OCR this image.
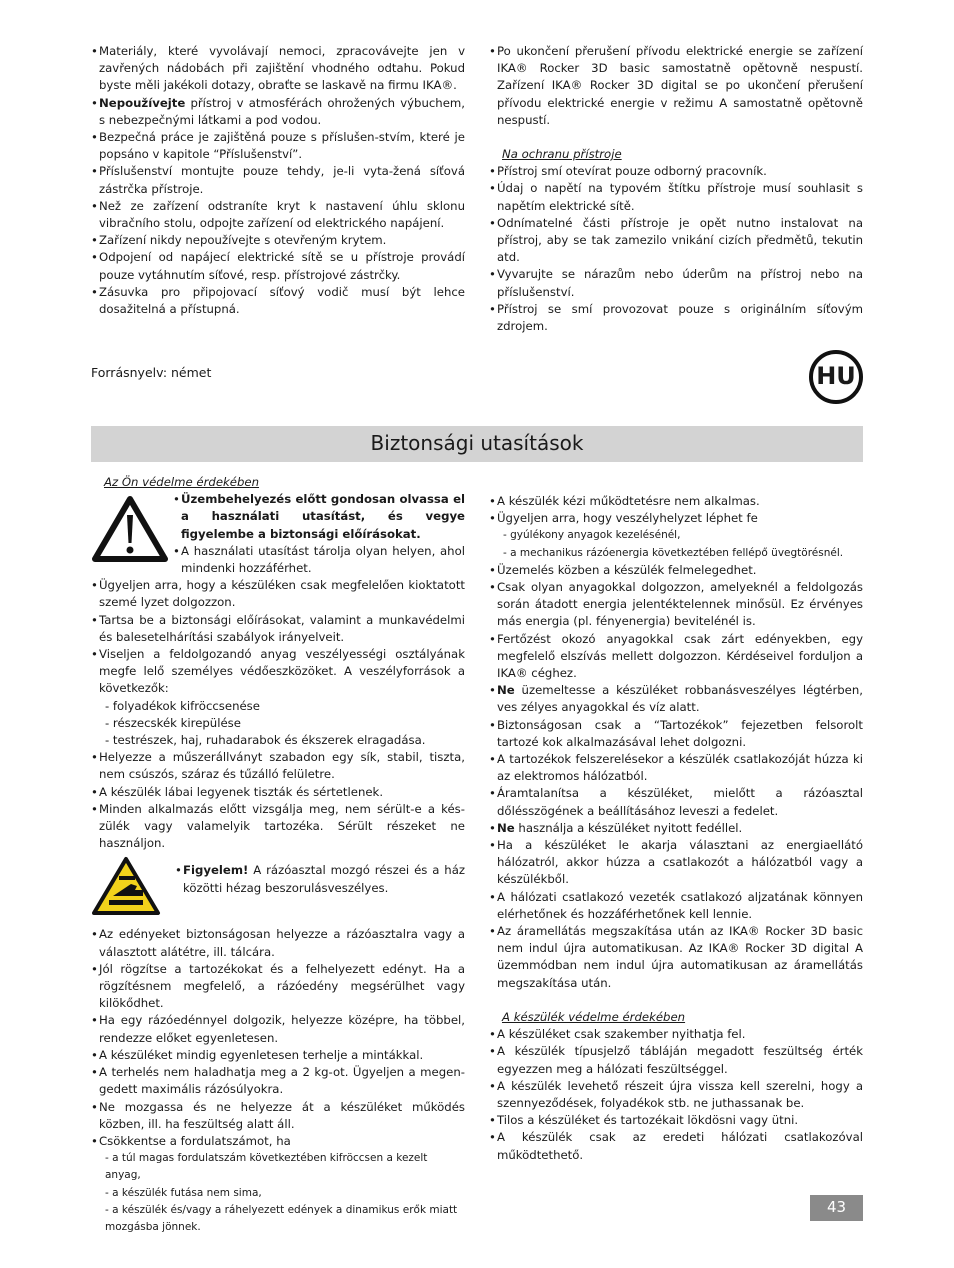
• Materiály, které vyvolávají nemoci, zpracovávejte jen v zavřených nádobách při zajištění vhodného odtahu. Pokud byste měli jakékoli dotazy, obraťte se laskavě na firmu IKA®.
• Nepoužívejte přístroj v atmosférách ohrožených výbuchem, s nebezpečnými látkami a pod vodou.
• Bezpečná práce je zajištěná pouze s příslušen-stvím, které je popsáno v kapitole “Příslušenství”.
• Příslušenství montujte pouze tehdy, je-li vyta-žená síťová zástrčka přístroje.
• Než ze zařízení odstraníte kryt k nastavení úhlu sklonu vibračního stolu, odpojte zařízení od elektrického napájení.
• Zařízení nikdy nepoužívejte s otevřeným krytem.
• Odpojení od napájecí elektrické sítě se u přístroje provádí pouze vytáhnutím síťové, resp. přístrojové zástrčky.
• Zásuvka pro připojovací síťový vodič musí být lehce dosažitelná a přístupná.
• Po ukončení přerušení přívodu elektrické energie se zařízení IKA® Rocker 3D basic samostatně opětovně nespustí. Zařízení IKA® Rocker 3D digital se po ukončení přerušení přívodu elektrické energie v režimu A samostatně opětovně nespustí.
Na ochranu přístroje
• Přístroj smí otevírat pouze odborný pracovník.
• Údaj o napětí na typovém štítku přístroje musí souhlasit s napětím elektrické sítě.
• Odnímatelné části přístroje je opět nutno instalovat na přístroj, aby se tak zamezilo vnikání cizích předmětů, tekutin atd.
• Vyvarujte se nárazům nebo úderům na přístroj nebo na příslušenství.
• Přístroj se smí provozovat pouze s originálním síťovým zdrojem.
Forrásnyelv: német	HU
Biztonsági utasítások
Az Ön védelme érdekében
• Üzembehelyezés előtt gondosan olvassa el a használati utasítást, és vegye figyelembe a biztonsági előírásokat.
• A használati utasítást tárolja olyan helyen, ahol mindenki hozzáférhet.
• Ügyeljen arra, hogy a készüléken csak megfelelően kioktatott szemé lyzet dolgozzon.
• Tartsa be a biztonsági előírásokat, valamint a munkavédelmi és balesetelhárítási szabályok irányelveit.
• Viseljen a feldolgozandó anyag veszélyességi osztályának megfe lelő személyes védőeszközöket. A veszélyforrások a következők:
- folyadékok kifröccsenése
- részecskék kirepülése
- testrészek, haj, ruhadarabok és ékszerek elragadása.
• Helyezze a műszerállványt szabadon egy sík, stabil, tiszta, nem csúszós, száraz és tűzálló felületre.
• A készülék lábai legyenek tiszták és sértetlenek.
• Minden alkalmazás előtt vizsgálja meg, nem sérült-e a készülék vagy valamelyik tartozéka. Sérült részeket ne használjon.
• Figyelem! A rázóasztal mozgó részei és a ház közötti hézag beszorulásveszélyes.
• Az edényeket biztonságosan helyezze a rázóasztalra vagy a választott alátétre, ill. tálcára.
• Jól rögzítse a tartozékokat és a felhelyezett edényt. Ha a rögzítésnem megfelelő, a rázóedény megsérülhet vagy kilökődhet.
• Ha egy rázóedénnyel dolgozik, helyezze középre, ha többel, rendezze előket egyenletesen.
• A készüléket mindig egyenletesen terhelje a mintákkal.
• A terhelés nem haladhatja meg a 2 kg-ot. Ügyeljen a megengedett maximális rázósúlyokra.
• Ne mozgassa és ne helyezze át a készüléket működés közben, ill. ha feszültség alatt áll.
• Csökkentse a fordulatszámot, ha
- a túl magas fordulatszám következtében kifröccsen a kezelt anyag,
- a készülék futása nem sima,
- a készülék és/vagy a ráhelyezett edények a dinamikus erők miatt mozgásba jönnek.
• A készülék kézi működtetésre nem alkalmas.
• Ügyeljen arra, hogy veszélyhelyzet léphet fe
- gyúlékony anyagok kezelésénél,
- a mechanikus rázóenergia következtében fellépő üvegtörésnél.
• Üzemelés közben a készülék felmelegedhet.
• Csak olyan anyagokkal dolgozzon, amelyeknél a feldolgozás során átadott energia jelentéktelennek minősül. Ez érvényes más energia (pl. fényenergia) bevitelénél is.
• Fertőzést okozó anyagokkal csak zárt edényekben, egy megfelelő elszívás mellett dolgozzon. Kérdéseivel forduljon a IKA® céghez.
• Ne üzemeltesse a készüléket robbanásveszélyes légtérben, ves zélyes anyagokkal és víz alatt.
• Biztonságosan csak a “Tartozékok” fejezetben felsorolt tartozé kok alkalmazásával lehet dolgozni.
• A tartozékok felszerelésekor a készülék csatlakozóját húzza ki az elektromos hálózatból.
• Áramtalanítsa a készüléket, mielőtt a rázóasztal dőlésszögének a beállításához leveszi a fedelet.
• Ne használja a készüléket nyitott fedéllel.
• Ha a készüléket le akarja választani az energiaellátó hálózatról, akkor húzza a csatlakozót a hálózatból vagy a készülékből.
• A hálózati csatlakozó vezeték csatlakozó aljzatának könnyen elérhetőnek és hozzáférhetőnek kell lennie.
• Az áramellátás megszakítása után az IKA® Rocker 3D basic nem indul újra automatikusan. Az IKA® Rocker 3D digital A üzemmódban nem indul újra automatikusan az áramellátás megszakítása után.
A készülék védelme érdekében
• A készüléket csak szakember nyithatja fel.
• A készülék típusjelző tábláján megadott feszültség érték egyezzen meg a hálózati feszültséggel.
• A készülék levehető részeit újra vissza kell szerelni, hogy a szennyeződések, folyadékok stb. ne juthassanak be.
• Tilos a készüléket és tartozékait lökdösni vagy ütni.
• A készülék csak az eredeti hálózati csatlakozóval működtethető.
43
